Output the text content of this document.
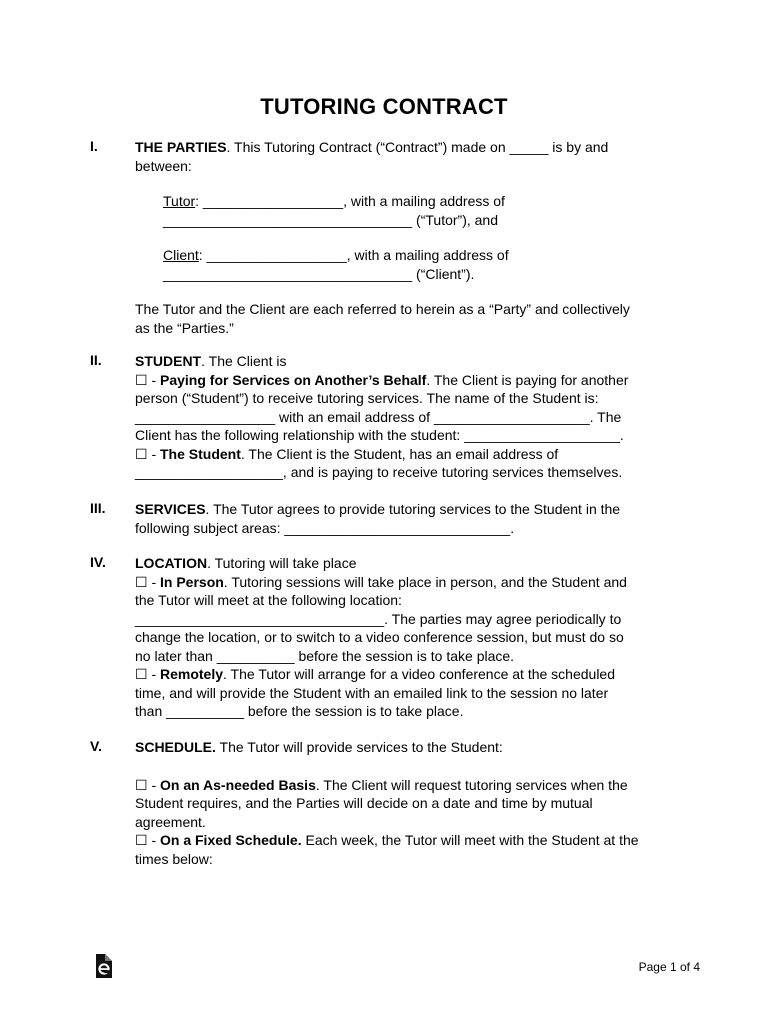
TUTORING CONTRACT
I.	THE PARTIES. This Tutoring Contract (“Contract”) made on _____ is by and
between:
Tutor: __________________, with a mailing address of
________________________________ (“Tutor”), and
Client: __________________, with a mailing address of
________________________________ (“Client”).
The Tutor and the Client are each referred to herein as a “Party” and collectively
as the “Parties.”
II.	STUDENT. The Client is
☐ - Paying for Services on Another’s Behalf. The Client is paying for another
person (“Student”) to receive tutoring services. The name of the Student is:
__________________ with an email address of ____________________. The
Client has the following relationship with the student: ____________________.
☐ - The Student. The Client is the Student, has an email address of
___________________, and is paying to receive tutoring services themselves.
III.	SERVICES. The Tutor agrees to provide tutoring services to the Student in the
following subject areas: _____________________________.
IV.	LOCATION. Tutoring will take place
☐ - In Person. Tutoring sessions will take place in person, and the Student and
the Tutor will meet at the following location:
________________________________. The parties may agree periodically to
change the location, or to switch to a video conference session, but must do so
no later than __________ before the session is to take place.
☐ - Remotely. The Tutor will arrange for a video conference at the scheduled
time, and will provide the Student with an emailed link to the session no later
than __________ before the session is to take place.
V.	SCHEDULE. The Tutor will provide services to the Student:
☐ - On an As-needed Basis. The Client will request tutoring services when the
Student requires, and the Parties will decide on a date and time by mutual
agreement.
☐ - On a Fixed Schedule. Each week, the Tutor will meet with the Student at the
times below:
Page 1 of 4
